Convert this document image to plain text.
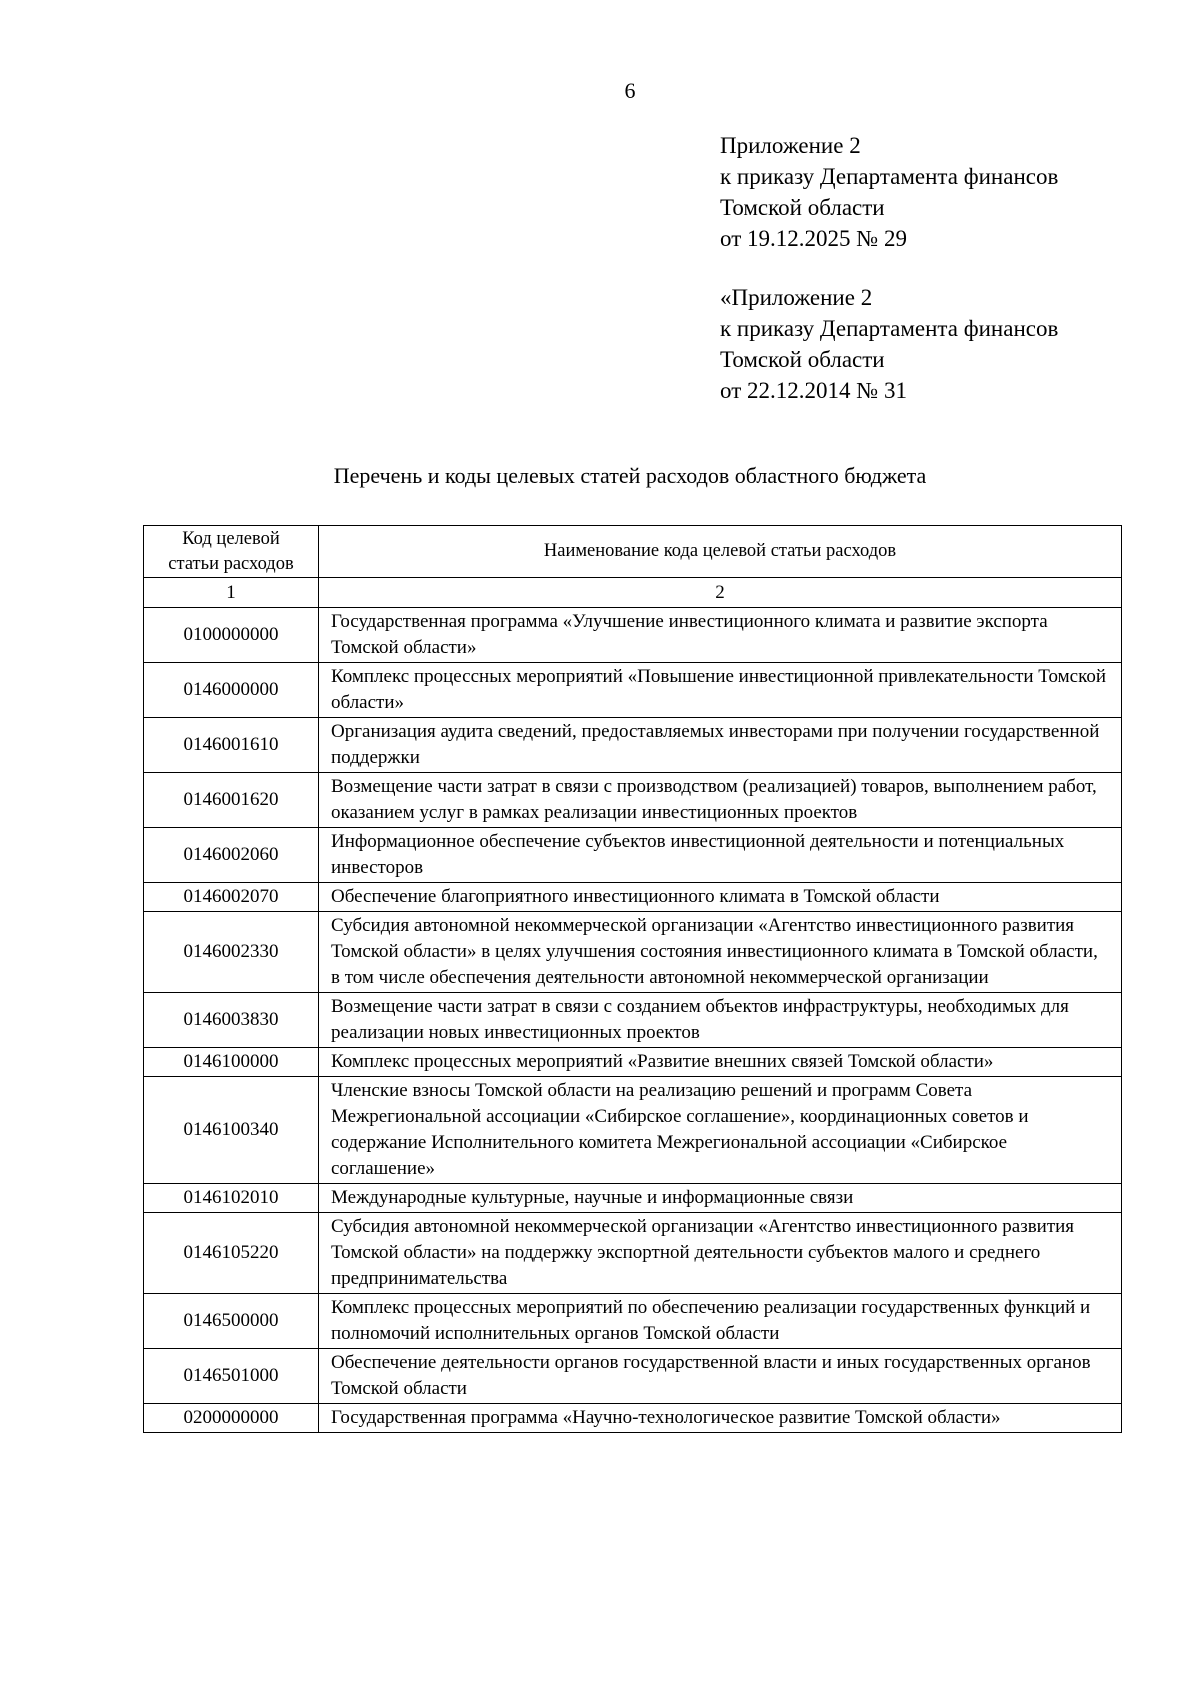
6
Приложение 2
к приказу Департамента финансов
Томской области
от 19.12.2025 № 29
«Приложение 2
к приказу Департамента финансов
Томской области
от 22.12.2014 № 31
Перечень и коды целевых статей расходов областного бюджета
Код целевой
статьи расходов	Наименование кода целевой статьи расходов
1	2
0100000000	Государственная программа «Улучшение инвестиционного климата и развитие экспорта Томской области»
0146000000	Комплекс процессных мероприятий «Повышение инвестиционной привлекательности Томской области»
0146001610	Организация аудита сведений, предоставляемых инвесторами при получении государственной поддержки
0146001620	Возмещение части затрат в связи с производством (реализацией) товаров, выполнением работ, оказанием услуг в рамках реализации инвестиционных проектов
0146002060	Информационное обеспечение субъектов инвестиционной деятельности и потенциальных инвесторов
0146002070	Обеспечение благоприятного инвестиционного климата в Томской области
0146002330	Субсидия автономной некоммерческой организации «Агентство инвестиционного развития Томской области» в целях улучшения состояния инвестиционного климата в Томской области, в том числе обеспечения деятельности автономной некоммерческой организации
0146003830	Возмещение части затрат в связи с созданием объектов инфраструктуры, необходимых для реализации новых инвестиционных проектов
0146100000	Комплекс процессных мероприятий «Развитие внешних связей Томской области»
0146100340	Членские взносы Томской области на реализацию решений и программ Совета Межрегиональной ассоциации «Сибирское соглашение», координационных советов и содержание Исполнительного комитета Межрегиональной ассоциации «Сибирское соглашение»
0146102010	Международные культурные, научные и информационные связи
0146105220	Субсидия автономной некоммерческой организации «Агентство инвестиционного развития Томской области» на поддержку экспортной деятельности субъектов малого и среднего предпринимательства
0146500000	Комплекс процессных мероприятий по обеспечению реализации государственных функций и полномочий исполнительных органов Томской области
0146501000	Обеспечение деятельности органов государственной власти и иных государственных органов Томской области
0200000000	Государственная программа «Научно-технологическое развитие Томской области»
